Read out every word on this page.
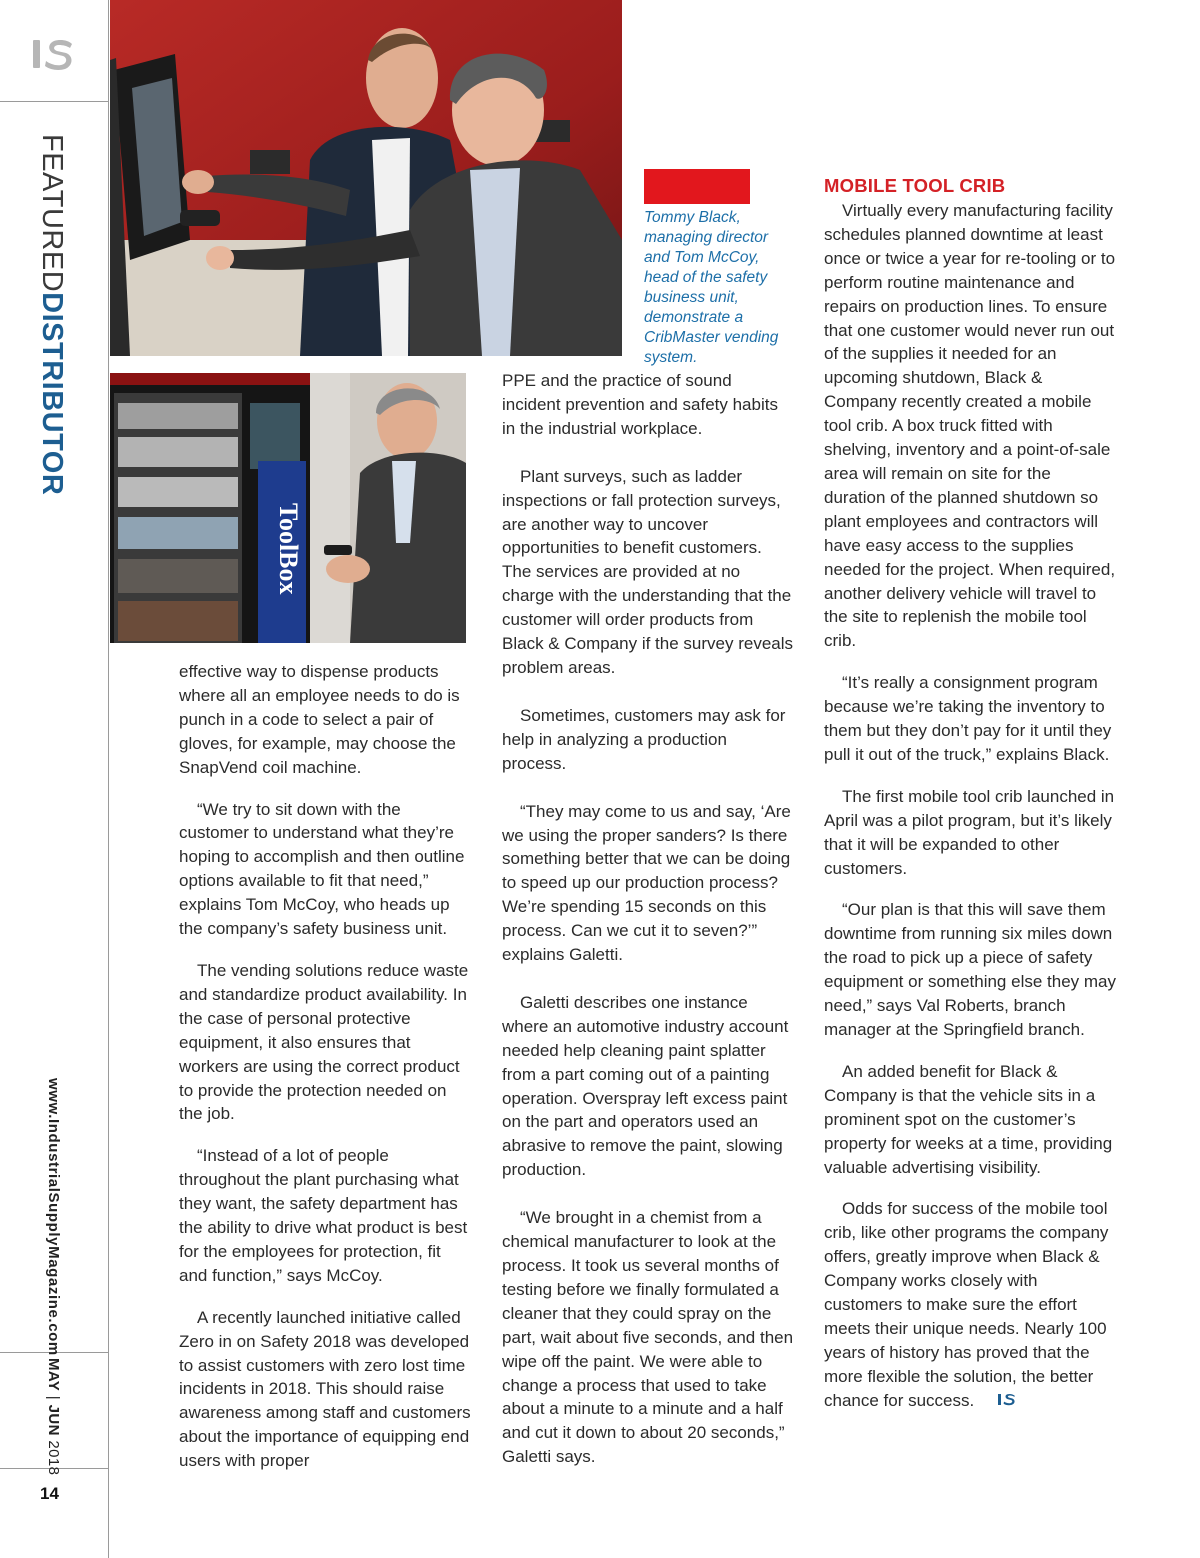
FEATUREDDISTRIBUTOR
www.IndustrialSupplyMagazine.com
MAY | JUN 2018
14
ToolBox

Tommy Black, managing director and Tom McCoy, head of the safety business unit, demonstrate a CribMaster vending system.

effective way to dispense products where all an employee needs to do is punch in a code to select a pair of gloves, for example, may choose the SnapVend coil machine.

“We try to sit down with the customer to understand what they’re hoping to accomplish and then outline options available to fit that need,” explains Tom McCoy, who heads up the company’s safety business unit.

The vending solutions reduce waste and standardize product availability. In the case of personal protective equipment, it also ensures that workers are using the correct product to provide the protection needed on the job.

“Instead of a lot of people throughout the plant purchasing what they want, the safety department has the ability to drive what product is best for the employees for protection, fit and function,” says McCoy.

A recently launched initiative called Zero in on Safety 2018 was developed to assist customers with zero lost time incidents in 2018. This should raise awareness among staff and customers about the importance of equipping end users with proper

PPE and the practice of sound incident prevention and safety habits in the industrial workplace.

Plant surveys, such as ladder inspections or fall protection surveys, are another way to uncover opportunities to benefit customers. The services are provided at no charge with the understanding that the customer will order products from Black & Company if the survey reveals problem areas.

Sometimes, customers may ask for help in analyzing a production process.

“They may come to us and say, ‘Are we using the proper sanders? Is there something better that we can be doing to speed up our production process? We’re spending 15 seconds on this process. Can we cut it to seven?’” explains Galetti.

Galetti describes one instance where an automotive industry account needed help cleaning paint splatter from a part coming out of a painting operation. Overspray left excess paint on the part and operators used an abrasive to remove the paint, slowing production.

“We brought in a chemist from a chemical manufacturer to look at the process. It took us several months of testing before we finally formulated a cleaner that they could spray on the part, wait about five seconds, and then wipe off the paint. We were able to change a process that used to take about a minute to a minute and a half and cut it down to about 20 seconds,” Galetti says.

MOBILE TOOL CRIB

Virtually every manufacturing facility schedules planned downtime at least once or twice a year for re-tooling or to perform routine maintenance and repairs on production lines. To ensure that one customer would never run out of the supplies it needed for an upcoming shutdown, Black & Company recently created a mobile tool crib. A box truck fitted with shelving, inventory and a point-of-sale area will remain on site for the duration of the planned shutdown so plant employees and contractors will have easy access to the supplies needed for the project. When required, another delivery vehicle will travel to the site to replenish the mobile tool crib.

“It’s really a consignment program because we’re taking the inventory to them but they don’t pay for it until they pull it out of the truck,” explains Black.

The first mobile tool crib launched in April was a pilot program, but it’s likely that it will be expanded to other customers.

“Our plan is that this will save them downtime from running six miles down the road to pick up a piece of safety equipment or something else they may need,” says Val Roberts, branch manager at the Springfield branch.

An added benefit for Black & Company is that the vehicle sits in a prominent spot on the customer’s property for weeks at a time, providing valuable advertising visibility.

Odds for success of the mobile tool crib, like other programs the company offers, greatly improve when Black & Company works closely with customers to make sure the effort meets their unique needs. Nearly 100 years of history has proved that the more flexible the solution, the better chance for success.
